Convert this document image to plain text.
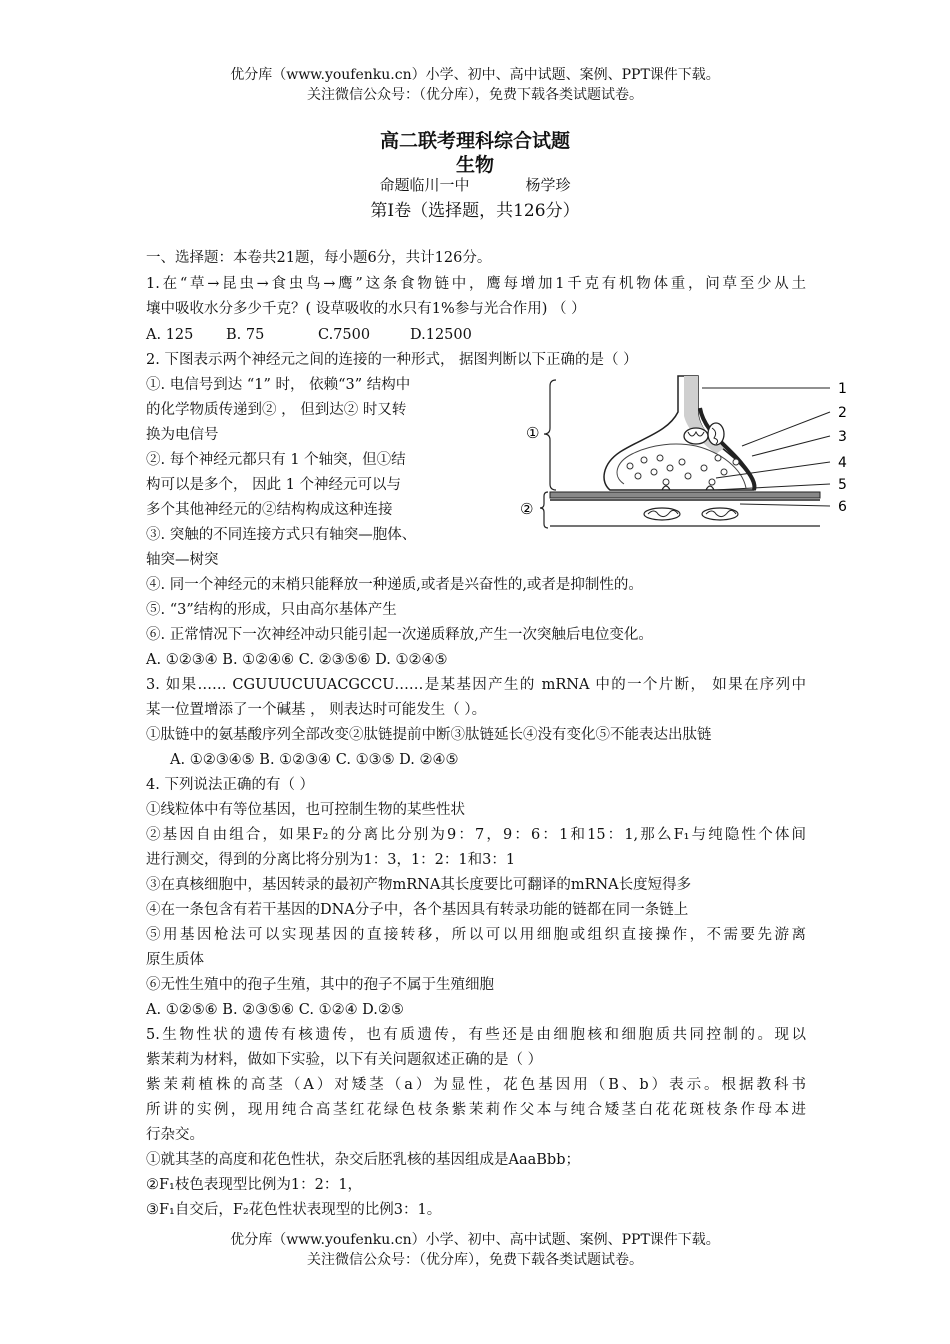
优分库（www.youfenku.cn）小学、初中、高中试题、案例、PPT课件下载。
关注微信公众号：（优分库），免费下载各类试题试卷。
高二联考理科综合试题
生物
命题临川一中	杨学珍
第Ⅰ卷（选择题，共126分）
一、选择题：本卷共21题，每小题6分，共计126分。
1.在“草→昆虫→食虫鸟→鹰”这条食物链中，鹰每增加1千克有机物体重，问草至少从土
壤中吸收水分多少千克？( 设草吸收的水只有1%参与光合作用) （ ）
A. 125 B. 75	C.7500	D.12500
2. 下图表示两个神经元之间的连接的一种形式， 据图判断以下正确的是（ ）
①. 电信号到达 “1” 时， 依赖“3” 结构中
的化学物质传递到② ， 但到达② 时又转
换为电信号
②. 每个神经元都只有 1 个轴突，但①结
构可以是多个， 因此 1 个神经元可以与
多个其他神经元的②结构构成这种连接
③. 突触的不同连接方式只有轴突—胞体、
轴突—树突
①
②
1
2
3
4
5
6
④. 同一个神经元的末梢只能释放一种递质,或者是兴奋性的,或者是抑制性的。
⑤. “3”结构的形成，只由高尔基体产生
⑥. 正常情况下一次神经冲动只能引起一次递质释放,产生一次突触后电位变化。
A. ①②③④ B. ①②④⑥ C. ②③⑤⑥ D. ①②④⑤
3. 如果…… CGUUUCUUACGCCU……是某基因产生的 mRNA 中的一个片断， 如果在序列中
某一位置增添了一个碱基 ， 则表达时可能发生（ ）。
①肽链中的氨基酸序列全部改变②肽链提前中断③肽链延长④没有变化⑤不能表达出肽链
A. ①②③④⑤ B. ①②③④ C. ①③⑤ D. ②④⑤
4. 下列说法正确的有（ ）
①线粒体中有等位基因，也可控制生物的某些性状
②基因自由组合，如果F₂的分离比分别为9：7，9：6：1和15：1,那么F₁与纯隐性个体间
进行测交，得到的分离比将分别为1：3，1：2：1和3：1
③在真核细胞中，基因转录的最初产物mRNA其长度要比可翻译的mRNA长度短得多
④在一条包含有若干基因的DNA分子中，各个基因具有转录功能的链都在同一条链上
⑤用基因枪法可以实现基因的直接转移，所以可以用细胞或组织直接操作，不需要先游离
原生质体
⑥无性生殖中的孢子生殖，其中的孢子不属于生殖细胞
A. ①②⑤⑥ B. ②③⑤⑥ C. ①②④ D.②⑤
5.生物性状的遗传有核遗传，也有质遗传，有些还是由细胞核和细胞质共同控制的。现以
紫茉莉为材料，做如下实验，以下有关问题叙述正确的是（ ）
紫茉莉植株的高茎（A）对矮茎（a）为显性，花色基因用（B、b）表示。根据教科书
所讲的实例，现用纯合高茎红花绿色枝条紫茉莉作父本与纯合矮茎白花花斑枝条作母本进
行杂交。
①就其茎的高度和花色性状，杂交后胚乳核的基因组成是AaaBbb；
②F₁枝色表现型比例为1：2：1，
③F₁自交后，F₂花色性状表现型的比例3：1。
优分库（www.youfenku.cn）小学、初中、高中试题、案例、PPT课件下载。
关注微信公众号：（优分库），免费下载各类试题试卷。
